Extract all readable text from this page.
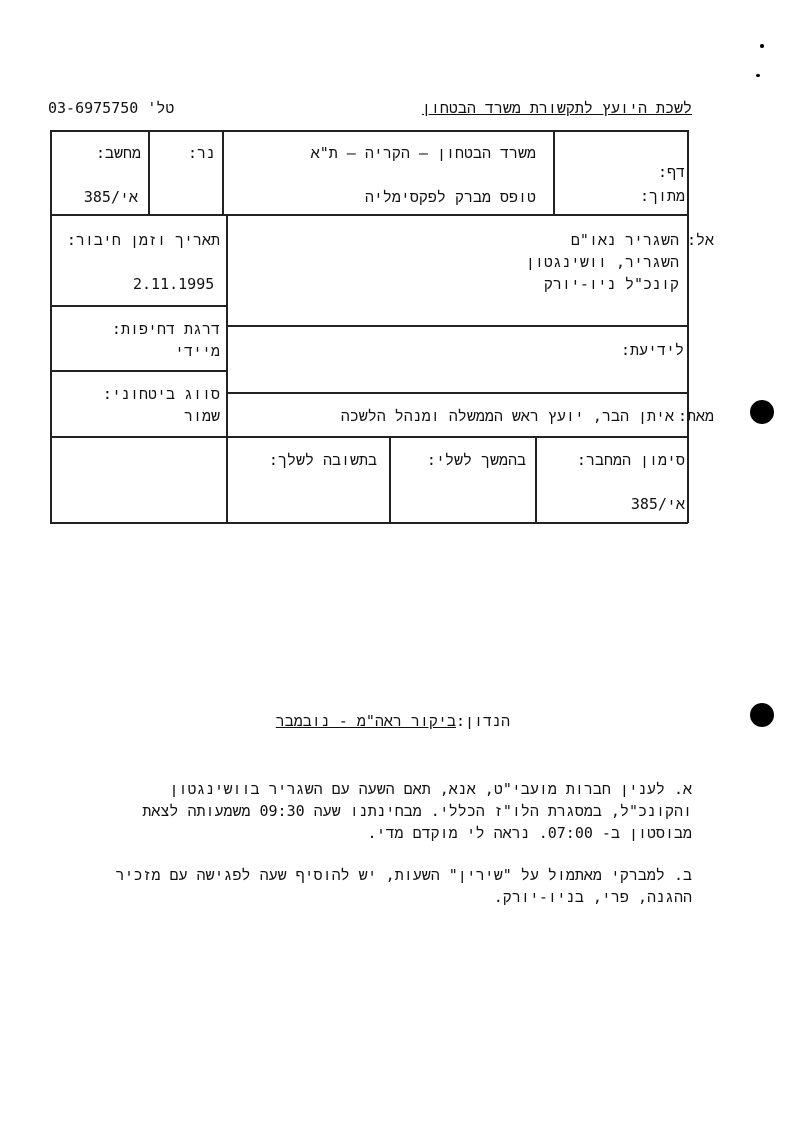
לשכת היועץ לתקשורת משרד הבטחון
טל' 03-6975750
דף:
מתוך:
משרד הבטחון – הקריה – ת"א
טופס מברק לפקסימליה
נר:
מחשב:
אי/385
אל:
השגריר נאו"ם
השגריר, וושינגטון
קונכ"ל ניו-יורק
תאריך וזמן חיבור:
2.11.1995
דרגת דחיפות:
מיידי	לידיעת:
סווג ביטחוני:
שמור	מאת:
איתן הבר, יועץ ראש הממשלה ומנהל הלשכה
סימון המחבר:
אי/385
בהמשך לשלי:
בתשובה לשלך:
הנדון:ביקור ראה"מ - נובמבר
א. לענין חברות מועבי"ט, אנא, תאם השעה עם השגריר בוושינגטון
והקונכ"ל, במסגרת הלו"ז הכללי. מבחינתנו שעה 09:30 משמעותה לצאת
מבוסטון ב- 07:00. נראה לי מוקדם מדי.
ב. למברקי מאתמול על "שירין" השעות, יש להוסיף שעה לפגישה עם מזכיר
ההגנה, פרי, בניו-יורק.
